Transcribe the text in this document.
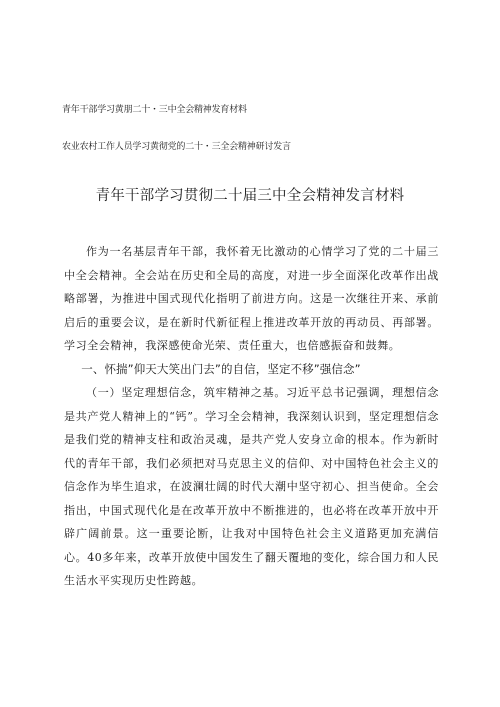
青年干部学习黄朋二十・三中全会精神发育材料
农业农村工作人员学习黄彻党的二十・三全会精神研讨发言
青年干部学习贯彻二十届三中全会精神发言材料

作为一名基层青年干部，我怀着无比激动的心情学习了党的二十届三中全会精神。全会站在历史和全局的高度，对进一步全面深化改革作出战略部署，为推进中国式现代化指明了前进方向。这是一次继往开来、承前启后的重要会议，是在新时代新征程上推进改革开放的再动员、再部署。学习全会精神，我深感使命光荣、责任重大，也倍感振奋和鼓舞。

一、怀揣”仰天大笑出门去”的自信，坚定不移”强信念”

（一）坚定理想信念，筑牢精神之基。习近平总书记强调，理想信念是共产党人精神上的“钙”。学习全会精神，我深刻认识到，坚定理想信念是我们党的精神支柱和政治灵魂，是共产党人安身立命的根本。作为新时代的青年干部，我们必须把对马克思主义的信仰、对中国特色社会主义的信念作为毕生追求，在波澜壮阔的时代大潮中坚守初心、担当使命。全会指出，中国式现代化是在改革开放中不断推进的，也必将在改革开放中开辟广阔前景。这一重要论断，让我对中国特色社会主义道路更加充满信心。40多年来，改革开放使中国发生了翻天覆地的变化，综合国力和人民生活水平实现历史性跨越。
